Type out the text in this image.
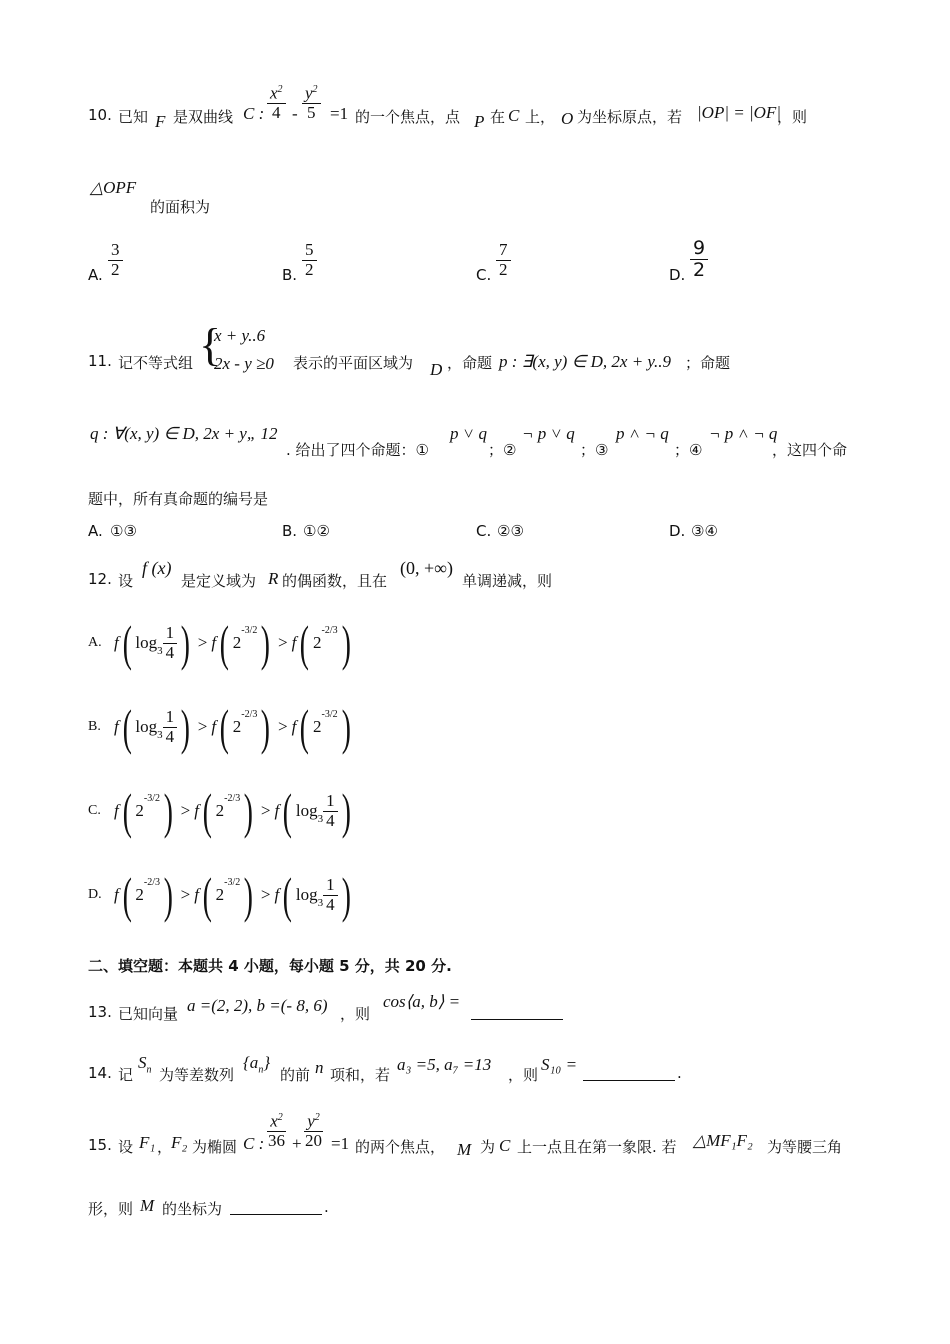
10. 已知 F 是双曲线 C : $\frac{x^2}{4} - \frac{y^2}{5} =1$ 的一个焦点，点 P 在 C 上， O 为坐标原点，若 |OP| = |OF|
，则
△OPF
的面积为
A. $\frac{3}{2}$	B. $\frac{5}{2}$	C. $\frac{7}{2}$	D. $\frac{9}{2}$
11. 记不等式组 {
x + y..6
2x - y ≥0 表示的平面区域为 D ，命题 p : ∃(x, y) ∈ D, 2x + y..9 ；命题
q : ∀(x, y) ∈ D, 2x + y„ 12
. 给出了四个命题：①
p ˅ q
；②
¬ p ˅ q
；③
p ˄ ¬ q
；④
¬ p ˄ ¬ q
，这四个命
题中，所有真命题的编号是
A. ①③	B. ①②	C. ②③	D. ③④
12. 设
f (x)
是定义域为 R 的偶函数，且在
(0, +∞)
单调递减，则
A. f ( $\log 3 \frac{1}{4}$ ) > f ( 2
-3/2 ) > f ( 2
-2/3 )
B. f ( $\log 3 \frac{1}{4}$ ) > f ( 2
-2/3 ) > f ( 2
-3/2 )
C. f ( 2
-3/2 ) > f ( 2
-2/3 ) > f ( $\log 3 \frac{1}{4}$ )
D. f ( 2
-2/3 ) > f ( 2
-3/2 ) > f ( $\log 3 \frac{1}{4}$ )
二、填空题：本题共 4 小题，每小题 5 分，共 20 分.
13. 已知向量 a =(2, 2), b =(- 8, 6) ，则
cos⟨a, b⟩ =
14. 记
$S_n$ 为等差数列
$\{a_n\}$
的前 n 项和，若
a₃ =5, a₇ =13
，则
S₁₀ =	.
15. 设 F₁ ，
F₂ 为椭圆 C : $\frac{x^2}{36} + \frac{y^2}{20} =1$ 的两个焦点， M 为 C 上一点且在第一象限. 若 △MF₁F₂ 为等腰三角
形，则 M 的坐标为	.
